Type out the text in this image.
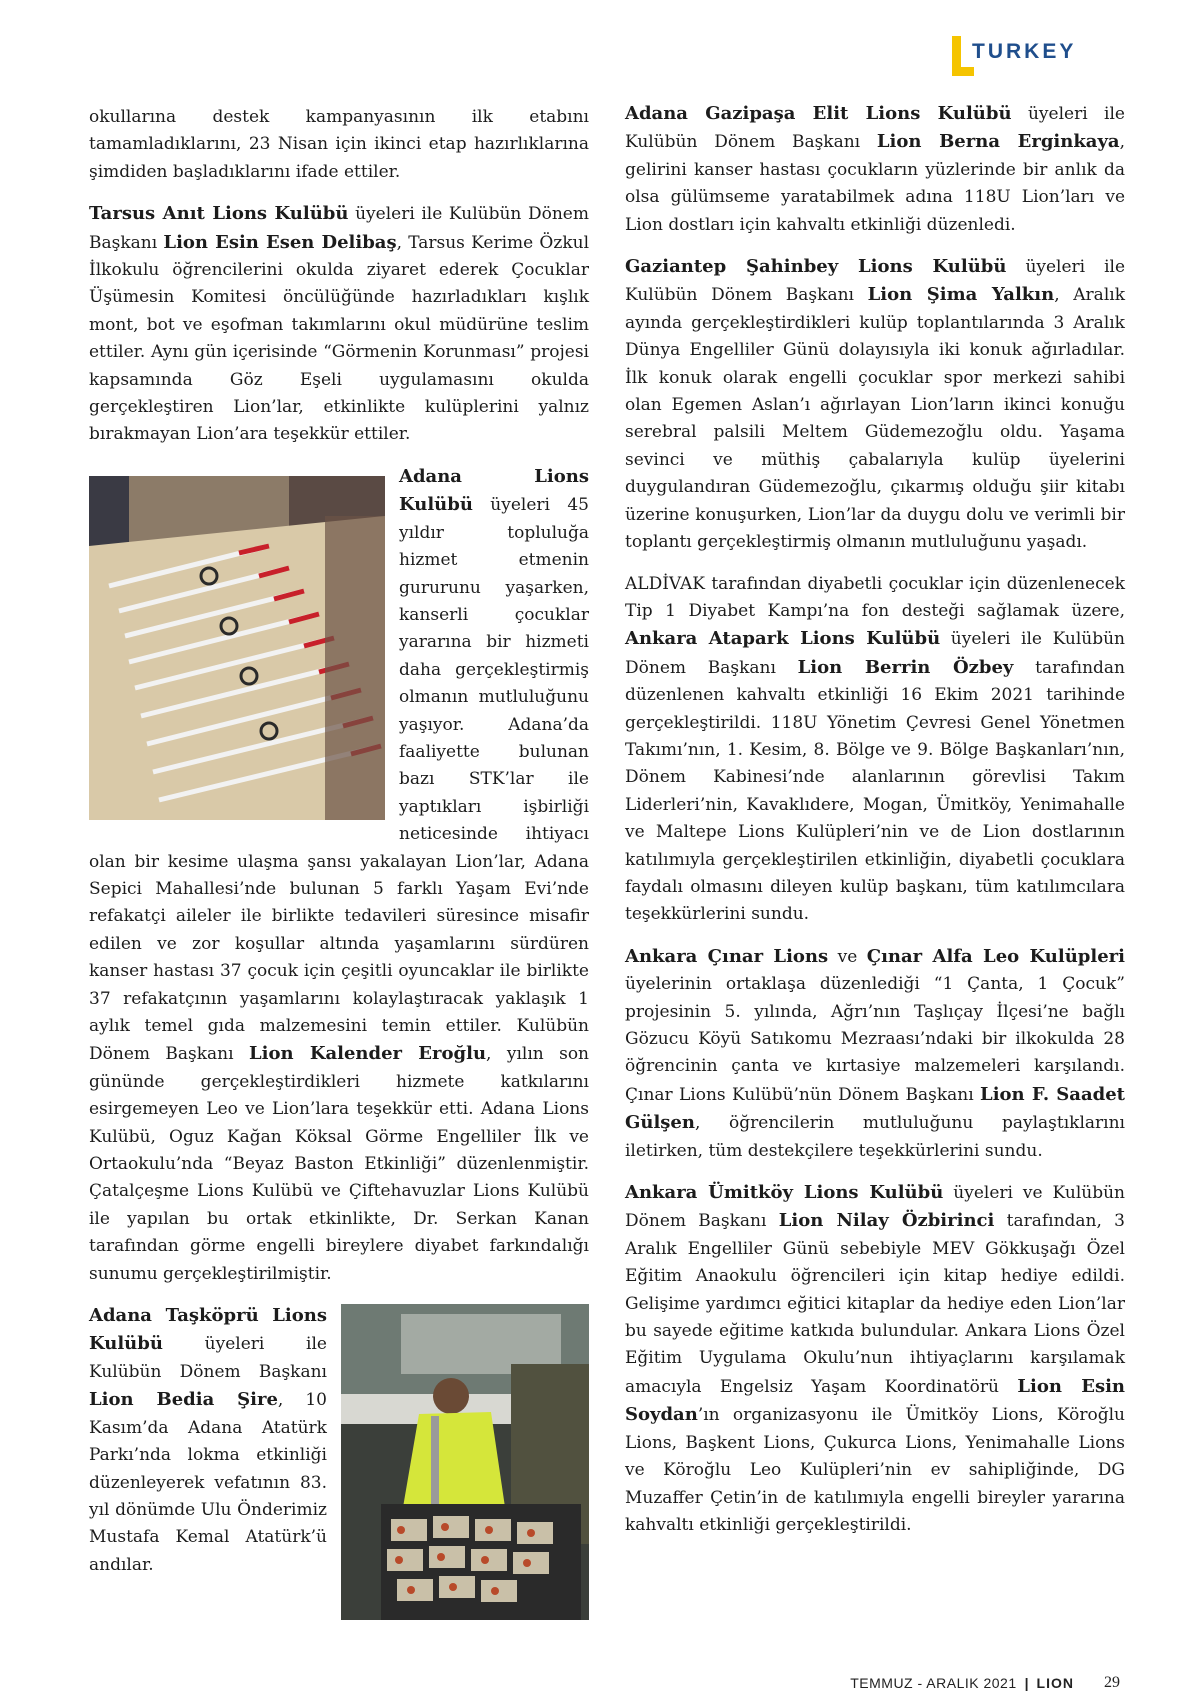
TURKEY

okullarına destek kampanyasının ilk etabını tamamladıklarını, 23 Nisan için ikinci etap hazırlıklarına şimdiden başladıklarını ifade ettiler.

Tarsus Anıt Lions Kulübü üyeleri ile Kulübün Dönem Başkanı Lion Esin Esen Delibaş, Tarsus Kerime Özkul İlkokulu öğrencilerini okulda ziyaret ederek Çocuklar Üşümesin Komitesi öncülüğünde hazırladıkları kışlık mont, bot ve eşofman takımlarını okul müdürüne teslim ettiler. Aynı gün içerisinde “Görmenin Korunması” projesi kapsamında Göz Eşeli uygulamasını okulda gerçekleştiren Lion’lar, etkinlikte kulüplerini yalnız bırakmayan Lion’ara teşekkür ettiler.

Adana Lions Kulübü üyeleri 45 yıldır topluluğa hizmet etmenin gururunu yaşarken, kanserli çocuklar yararına bir hizmeti daha gerçekleştirmiş olmanın mutluluğunu yaşıyor. Adana’da faaliyette bulunan bazı STK’lar ile yaptıkları işbirliği neticesinde ihtiyacı olan bir kesime ulaşma şansı yakalayan Lion’lar, Adana Sepici Mahallesi’nde bulunan 5 farklı Yaşam Evi’nde refakatçi aileler ile birlikte tedavileri süresince misafir edilen ve zor koşullar altında yaşamlarını sürdüren kanser hastası 37 çocuk için çeşitli oyuncaklar ile birlikte 37 refakatçının yaşamlarını kolaylaştıracak yaklaşık 1 aylık temel gıda malzemesini temin ettiler. Kulübün Dönem Başkanı Lion Kalender Eroğlu, yılın son gününde gerçekleştirdikleri hizmete katkılarını esirgemeyen Leo ve Lion’lara teşekkür etti. Adana Lions Kulübü, Oguz Kağan Köksal Görme Engelliler İlk ve Ortaokulu’nda “Beyaz Baston Etkinliği” düzenlenmiştir. Çatalçeşme Lions Kulübü ve Çiftehavuzlar Lions Kulübü ile yapılan bu ortak etkinlikte, Dr. Serkan Kanan tarafından görme engelli bireylere diyabet farkındalığı sunumu gerçekleştirilmiştir.

Adana Taşköprü Lions Kulübü üyeleri ile Kulübün Dönem Başkanı Lion Bedia Şire, 10 Kasım’da Adana Atatürk Parkı’nda lokma etkinliği düzenleyerek vefatının 83. yıl dönümde Ulu Önderimiz Mustafa Kemal Atatürk’ü andılar.

Adana Gazipaşa Elit Lions Kulübü üyeleri ile Kulübün Dönem Başkanı Lion Berna Erginkaya, gelirini kanser hastası çocukların yüzlerinde bir anlık da olsa gülümseme yaratabilmek adına 118U Lion’ları ve Lion dostları için kahvaltı etkinliği düzenledi.

Gaziantep Şahinbey Lions Kulübü üyeleri ile Kulübün Dönem Başkanı Lion Şima Yalkın, Aralık ayında gerçekleştirdikleri kulüp toplantılarında 3 Aralık Dünya Engelliler Günü dolayısıyla iki konuk ağırladılar. İlk konuk olarak engelli çocuklar spor merkezi sahibi olan Egemen Aslan’ı ağırlayan Lion’ların ikinci konuğu serebral palsili Meltem Güdemezoğlu oldu. Yaşama sevinci ve müthiş çabalarıyla kulüp üyelerini duygulandıran Güdemezoğlu, çıkarmış olduğu şiir kitabı üzerine konuşurken, Lion’lar da duygu dolu ve verimli bir toplantı gerçekleştirmiş olmanın mutluluğunu yaşadı.

ALDİVAK tarafından diyabetli çocuklar için düzenlenecek Tip 1 Diyabet Kampı’na fon desteği sağlamak üzere, Ankara Atapark Lions Kulübü üyeleri ile Kulübün Dönem Başkanı Lion Berrin Özbey tarafından düzenlenen kahvaltı etkinliği 16 Ekim 2021 tarihinde gerçekleştirildi. 118U Yönetim Çevresi Genel Yönetmen Takımı’nın, 1. Kesim, 8. Bölge ve 9. Bölge Başkanları’nın, Dönem Kabinesi’nde alanlarının görevlisi Takım Liderleri’nin, Kavaklıdere, Mogan, Ümitköy, Yenimahalle ve Maltepe Lions Kulüpleri’nin ve de Lion dostlarının katılımıyla gerçekleştirilen etkinliğin, diyabetli çocuklara faydalı olmasını dileyen kulüp başkanı, tüm katılımcılara teşekkürlerini sundu.

Ankara Çınar Lions ve Çınar Alfa Leo Kulüpleri üyelerinin ortaklaşa düzenlediği “1 Çanta, 1 Çocuk” projesinin 5. yılında, Ağrı’nın Taşlıçay İlçesi’ne bağlı Gözucu Köyü Satıkomu Mezraası’ndaki bir ilkokulda 28 öğrencinin çanta ve kırtasiye malzemeleri karşılandı. Çınar Lions Kulübü’nün Dönem Başkanı Lion F. Saadet Gülşen, öğrencilerin mutluluğunu paylaştıklarını iletirken, tüm destekçilere teşekkürlerini sundu.

Ankara Ümitköy Lions Kulübü üyeleri ve Kulübün Dönem Başkanı Lion Nilay Özbirinci tarafından, 3 Aralık Engelliler Günü sebebiyle MEV Gökkuşağı Özel Eğitim Anaokulu öğrencileri için kitap hediye edildi. Gelişime yardımcı eğitici kitaplar da hediye eden Lion’lar bu sayede eğitime katkıda bulundular. Ankara Lions Özel Eğitim Uygulama Okulu’nun ihtiyaçlarını karşılamak amacıyla Engelsiz Yaşam Koordinatörü Lion Esin Soydan’ın organizasyonu ile Ümitköy Lions, Köroğlu Lions, Başkent Lions, Çukurca Lions, Yenimahalle Lions ve Köroğlu Leo Kulüpleri’nin ev sahipliğinde, DG Muzaffer Çetin’in de katılımıyla engelli bireyler yararına kahvaltı etkinliği gerçekleştirildi.

TEMMUZ - ARALIK 2021 | LION 29
